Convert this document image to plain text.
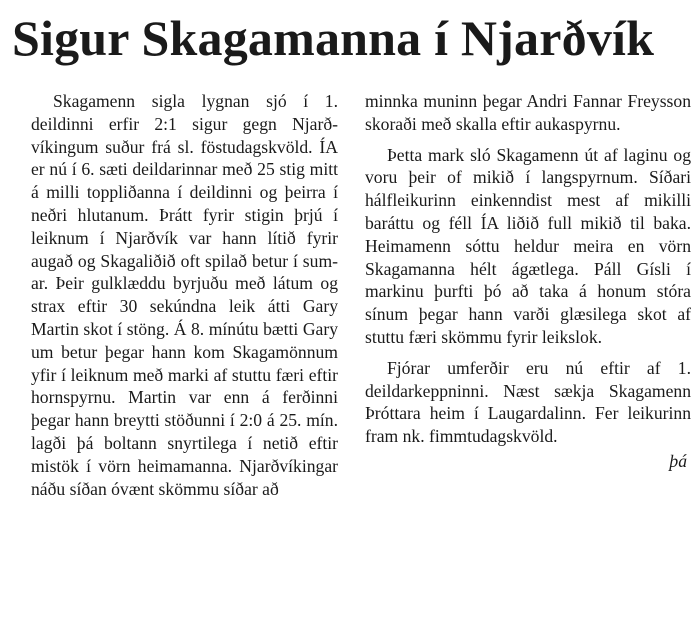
Sigur Skagamanna í Njarðvík

Skagamenn sigla lygnan sjó í 1. deildinni erfir 2:1 sigur gegn Njarðvíkingum suður frá sl. föstudagskvöld. ÍA er nú í 6. sæti deildarinnar með 25 stig mitt á milli toppliðanna í deildinni og þeirra í neðri hlutanum. Þrátt fyrir stigin þrjú í leiknum í Njarðvík var hann lítið fyrir augað og Skagaliðið oft spilað betur í sumar. Þeir gulklæddu byrjuðu með látum og strax eftir 30 sekúndna leik átti Gary Martin skot í stöng. Á 8. mínútu bætti Gary um betur þegar hann kom Skagamönnum yfir í leiknum með marki af stuttu færi eftir hornspyrnu. Martin var enn á ferðinni þegar hann breytti stöðunni í 2:0 á 25. mín. lagði þá boltann snyrtilega í netið eftir mistök í vörn heimamanna. Njarðvíkingar náðu síðan óvænt skömmu síðar að

minnka muninn þegar Andri Fannar Freysson skoraði með skalla eftir aukaspyrnu.

Þetta mark sló Skagamenn út af laginu og voru þeir of mikið í langspyrnum. Síðari hálfleikurinn einkenndist mest af mikilli baráttu og féll ÍA liðið full mikið til baka. Heimamenn sóttu heldur meira en vörn Skagamanna hélt ágætlega. Páll Gísli í markinu þurfti þó að taka á honum stóra sínum þegar hann varði glæsilega skot af stuttu færi skömmu fyrir leikslok.

Fjórar umferðir eru nú eftir af 1. deildarkeppninni. Næst sækja Skagamenn Þróttara heim í Laugardalinn. Fer leikurinn fram nk. fimmtudagskvöld.

þá
